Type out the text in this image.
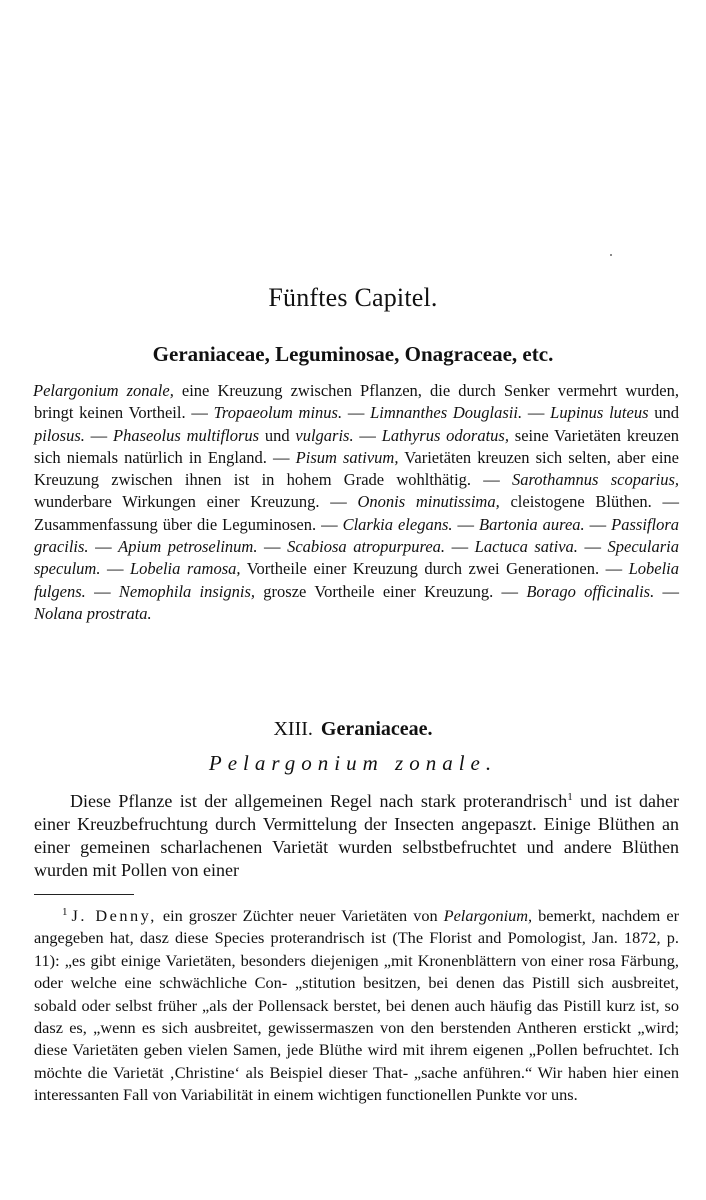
Fünftes Capitel.
Geraniaceae, Leguminosae, Onagraceae, etc.
Pelargonium zonale, eine Kreuzung zwischen Pflanzen, die durch Senker vermehrt wurden, bringt keinen Vortheil. — Tropaeolum minus. — Limnanthes Douglasii. — Lupinus luteus und pilosus. — Phaseolus multiflorus und vulgaris. — Lathyrus odoratus, seine Varietäten kreuzen sich niemals natürlich in England. — Pisum sativum, Varietäten kreuzen sich selten, aber eine Kreuzung zwischen ihnen ist in hohem Grade wohlthätig. — Sarothamnus scoparius, wunderbare Wirkungen einer Kreuzung. — Ononis minutissima, cleistogene Blüthen. — Zusammenfassung über die Leguminosen. — Clarkia elegans. — Bartonia aurea. — Passiflora gracilis. — Apium petroselinum. — Scabiosa atropurpurea. — Lactuca sativa. — Specularia speculum. — Lobelia ramosa, Vortheile einer Kreuzung durch zwei Generationen. — Lobelia fulgens. — Nemophila insignis, grosze Vortheile einer Kreuzung. — Borago officinalis. — Nolana prostrata.
XIII. Geraniaceae.
Pelargonium zonale.

Diese Pflanze ist der allgemeinen Regel nach stark proterandrisch$^1$ und ist daher einer Kreuzbefruchtung durch Vermittelung der Insecten angepaszt. Einige Blüthen an einer gemeinen scharlachenen Varietät wurden selbstbefruchtet und andere Blüthen wurden mit Pollen von einer

$^1$ J. Denny, ein groszer Züchter neuer Varietäten von Pelargonium, bemerkt, nachdem er angegeben hat, dasz diese Species proterandrisch ist (The Florist and Pomologist, Jan. 1872, p. 11): „es gibt einige Varietäten, besonders diejenigen „mit Kronenblättern von einer rosa Färbung, oder welche eine schwächliche Con- „stitution besitzen, bei denen das Pistill sich ausbreitet, sobald oder selbst früher „als der Pollensack berstet, bei denen auch häufig das Pistill kurz ist, so dasz es, „wenn es sich ausbreitet, gewissermaszen von den berstenden Antheren erstickt „wird; diese Varietäten geben vielen Samen, jede Blüthe wird mit ihrem eigenen „Pollen befruchtet. Ich möchte die Varietät ‚Christine‘ als Beispiel dieser That- „sache anführen.“ Wir haben hier einen interessanten Fall von Variabilität in einem wichtigen functionellen Punkte vor uns.
